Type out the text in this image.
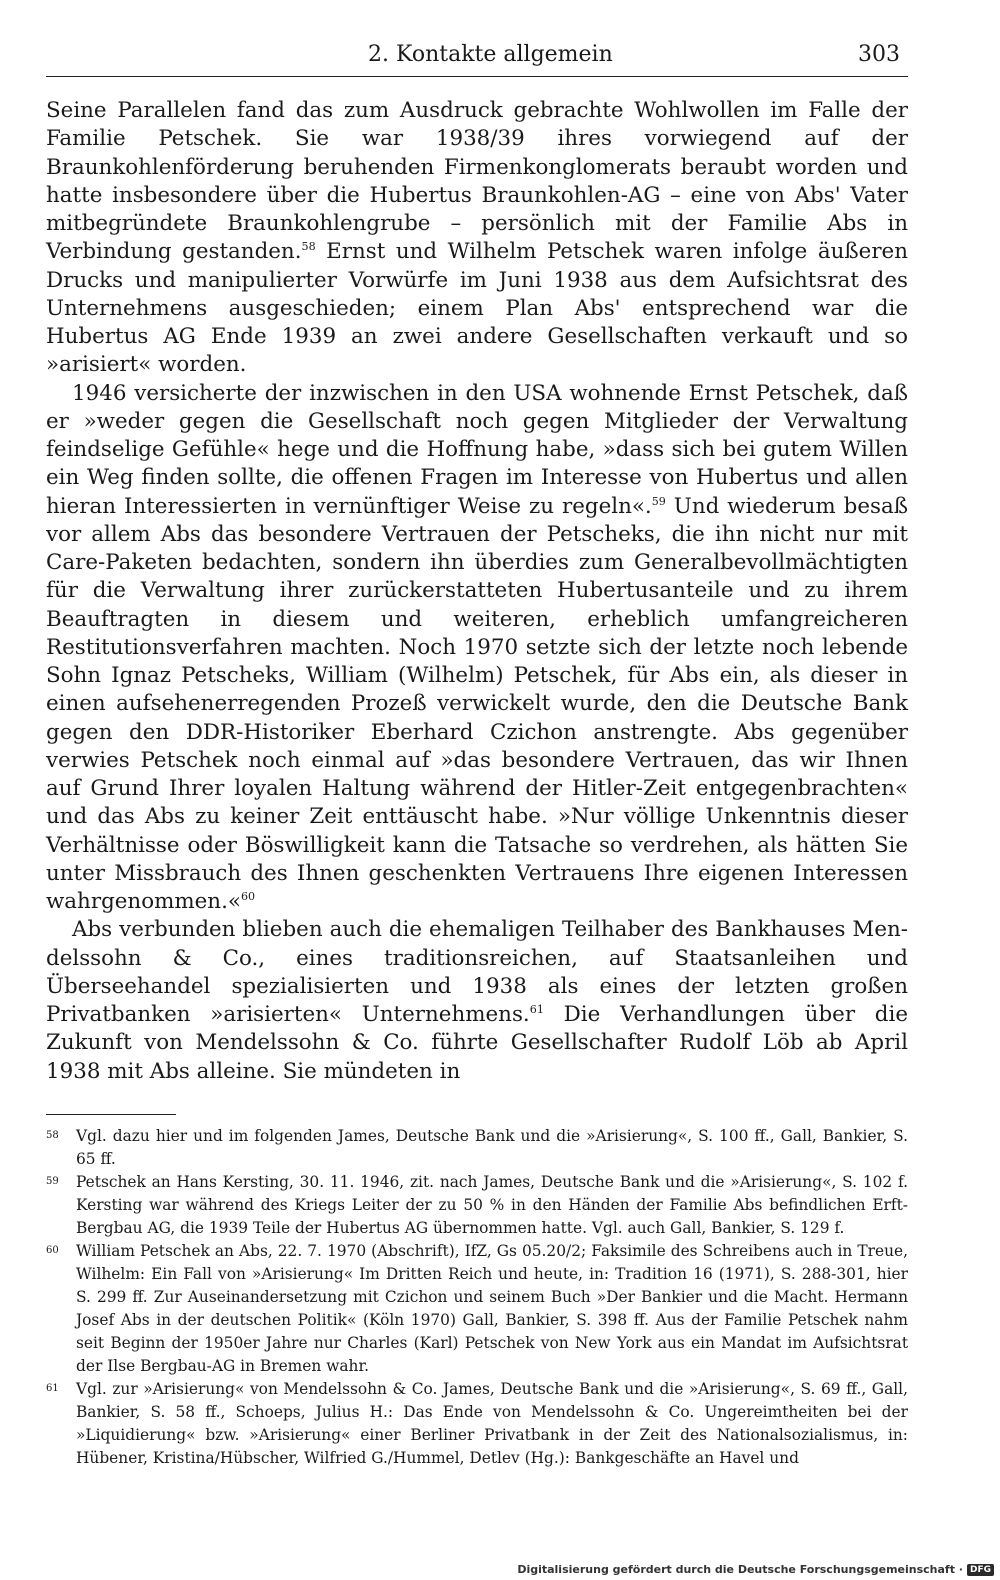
2. Kontakte allgemein	303

Seine Parallelen fand das zum Ausdruck gebrachte Wohlwollen im Falle der Familie Petschek. Sie war 1938/39 ihres vorwiegend auf der Braunkohlenförderung beruhenden Firmenkonglomerats beraubt worden und hatte insbesondere über die Hubertus Braunkohlen-AG – eine von Abs' Vater mitbegründete Braunkohlengrube – persönlich mit der Familie Abs in Verbindung gestanden.$^{58}$ Ernst und Wilhelm Petschek waren infolge äußeren Drucks und manipulierter Vorwürfe im Juni 1938 aus dem Aufsichtsrat des Unternehmens ausgeschieden; einem Plan Abs' entsprechend war die Hubertus AG Ende 1939 an zwei andere Gesellschaften verkauft und so »arisiert« worden.

1946 versicherte der inzwischen in den USA wohnende Ernst Petschek, daß er »weder gegen die Gesellschaft noch gegen Mitglieder der Verwaltung feindselige Gefühle« hege und die Hoffnung habe, »dass sich bei gutem Willen ein Weg finden sollte, die offenen Fragen im Interesse von Hubertus und allen hieran Interessierten in vernünftiger Weise zu regeln«.$^{59}$ Und wiederum besaß vor allem Abs das besondere Vertrauen der Petscheks, die ihn nicht nur mit Care-Paketen bedachten, sondern ihn überdies zum Generalbevollmächtigten für die Verwaltung ihrer zurückerstatteten Hubertusanteile und zu ihrem Beauftragten in diesem und weiteren, erheblich umfangreicheren Restitutionsverfahren machten. Noch 1970 setzte sich der letzte noch lebende Sohn Ignaz Petscheks, William (Wilhelm) Petschek, für Abs ein, als dieser in einen aufsehenerregenden Prozeß verwickelt wurde, den die Deutsche Bank gegen den DDR-Historiker Eberhard Czichon anstrengte. Abs gegenüber verwies Petschek noch einmal auf »das besondere Vertrauen, das wir Ihnen auf Grund Ihrer loyalen Haltung während der Hitler-Zeit entgegenbrachten« und das Abs zu keiner Zeit enttäuscht habe. »Nur völlige Unkenntnis dieser Verhältnisse oder Böswilligkeit kann die Tatsache so verdrehen, als hätten Sie unter Missbrauch des Ihnen geschenkten Vertrauens Ihre eigenen Interessen wahrgenommen.«$^{60}$

Abs verbunden blieben auch die ehemaligen Teilhaber des Bankhauses Mendelssohn & Co., eines traditionsreichen, auf Staatsanleihen und Überseehandel spezialisierten und 1938 als eines der letzten großen Privatbanken »arisierten« Unternehmens.$^{61}$ Die Verhandlungen über die Zukunft von Mendelssohn & Co. führte Gesellschafter Rudolf Löb ab April 1938 mit Abs alleine. Sie mündeten in

58	Vgl. dazu hier und im folgenden James, Deutsche Bank und die »Arisierung«, S. 100 ff., Gall, Bankier, S. 65 ff.
59	Petschek an Hans Kersting, 30. 11. 1946, zit. nach James, Deutsche Bank und die »Arisierung«, S. 102 f. Kersting war während des Kriegs Leiter der zu 50 % in den Händen der Familie Abs befindlichen Erft-Bergbau AG, die 1939 Teile der Hubertus AG übernommen hatte. Vgl. auch Gall, Bankier, S. 129 f.
60	William Petschek an Abs, 22. 7. 1970 (Abschrift), IfZ, Gs 05.20/2; Faksimile des Schreibens auch in Treue, Wilhelm: Ein Fall von »Arisierung« Im Dritten Reich und heute, in: Tradition 16 (1971), S. 288-301, hier S. 299 ff. Zur Auseinandersetzung mit Czichon und seinem Buch »Der Bankier und die Macht. Hermann Josef Abs in der deutschen Politik« (Köln 1970) Gall, Bankier, S. 398 ff. Aus der Familie Petschek nahm seit Beginn der 1950er Jahre nur Charles (Karl) Petschek von New York aus ein Mandat im Aufsichtsrat der Ilse Bergbau-AG in Bremen wahr.
61	Vgl. zur »Arisierung« von Mendelssohn & Co. James, Deutsche Bank und die »Arisierung«, S. 69 ff., Gall, Bankier, S. 58 ff., Schoeps, Julius H.: Das Ende von Mendelssohn & Co. Ungereimtheiten bei der »Liquidierung« bzw. »Arisierung« einer Berliner Privatbank in der Zeit des Nationalsozialismus, in: Hübener, Kristina/Hübscher, Wilfried G./Hummel, Detlev (Hg.): Bankgeschäfte an Havel und
Digitalisierung gefördert durch die Deutsche Forschungsgemeinschaft · DFG
